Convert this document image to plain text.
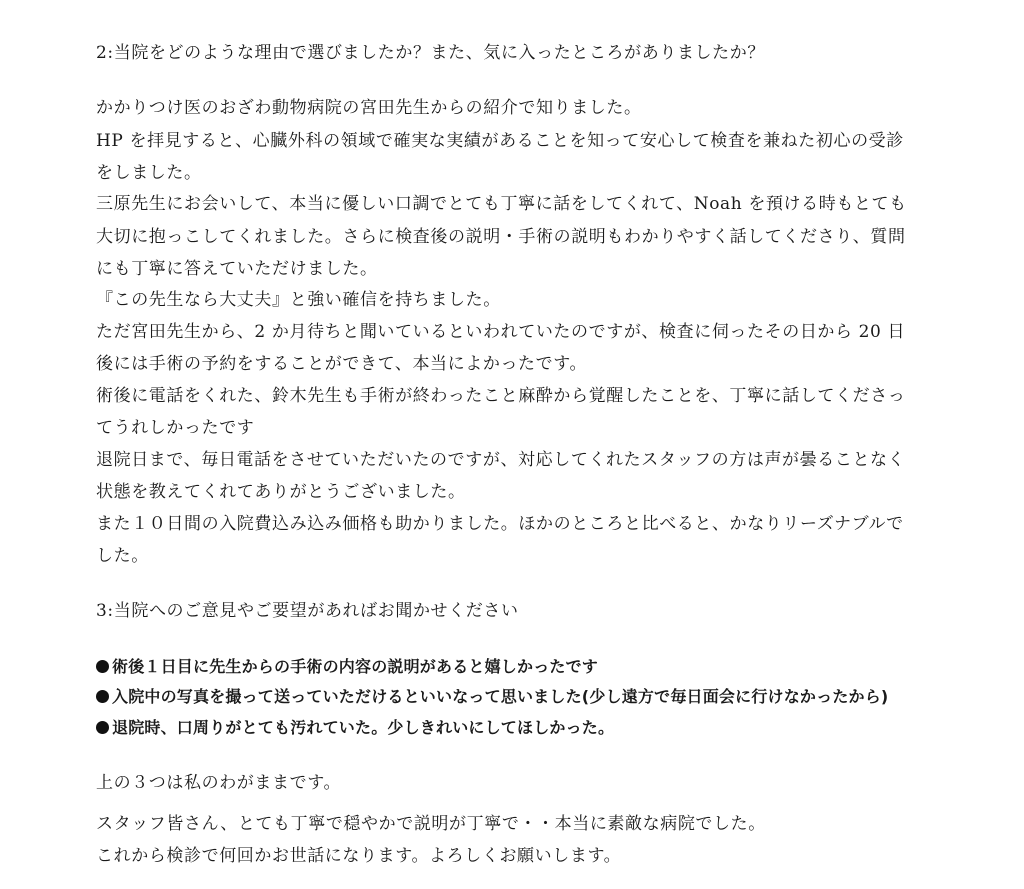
2:当院をどのような理由で選びましたか？また、気に入ったところがありましたか？
かかりつけ医のおざわ動物病院の宮田先生からの紹介で知りました。
HP を拝見すると、心臓外科の領域で確実な実績があることを知って安心して検査を兼ねた初心の受診
をしました。
三原先生にお会いして、本当に優しい口調でとても丁寧に話をしてくれて、Noah を預ける時もとても
大切に抱っこしてくれました。さらに検査後の説明・手術の説明もわかりやすく話してくださり、質問
にも丁寧に答えていただけました。
『この先生なら大丈夫』と強い確信を持ちました。
ただ宮田先生から、2 か月待ちと聞いているといわれていたのですが、検査に伺ったその日から 20 日
後には手術の予約をすることができて、本当によかったです。
術後に電話をくれた、鈴木先生も手術が終わったこと麻酔から覚醒したことを、丁寧に話してくださっ
てうれしかったです
退院日まで、毎日電話をさせていただいたのですが、対応してくれたスタッフの方は声が曇ることなく
状態を教えてくれてありがとうございました。
また１０日間の入院費込み込み価格も助かりました。ほかのところと比べると、かなりリーズナブルで
した。
3:当院へのご意見やご要望があればお聞かせください
術後１日目に先生からの手術の内容の説明があると嬉しかったです
入院中の写真を撮って送っていただけるといいなって思いました(少し遠方で毎日面会に行けなかったから)
退院時、口周りがとても汚れていた。少しきれいにしてほしかった。
上の３つは私のわがままです。
スタッフ皆さん、とても丁寧で穏やかで説明が丁寧で・・本当に素敵な病院でした。
これから検診で何回かお世話になります。よろしくお願いします。
